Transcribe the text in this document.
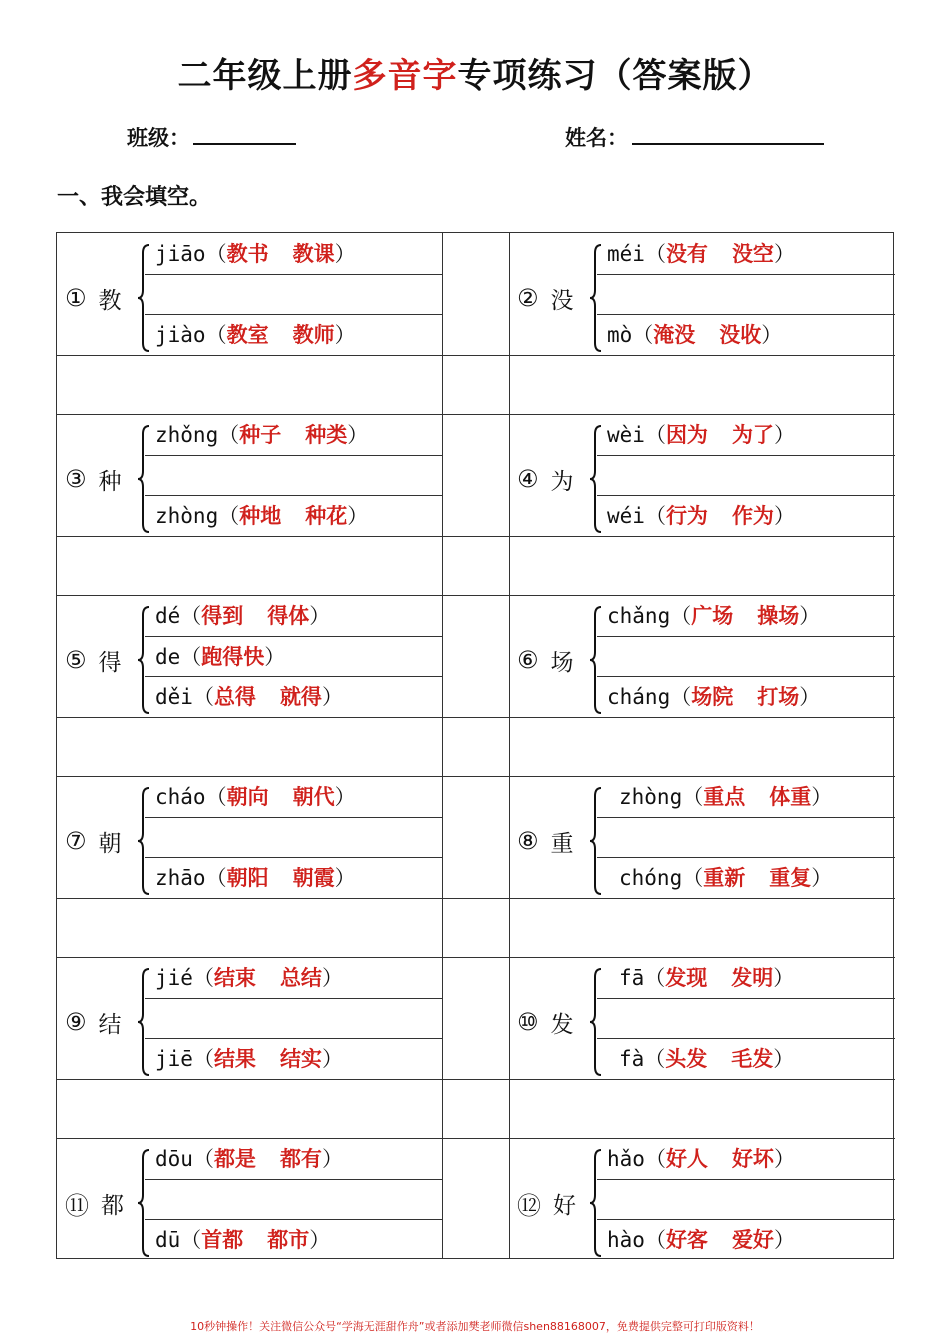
二年级上册多音字专项练习（答案版）
班级：	姓名：
一、我会填空。
① 教
jiāo（教书 教课）
jiào（教室 教师）
② 没
méi（没有 没空）
mò（淹没 没收）
③ 种
zhǒng（种子 种类）
zhòng（种地 种花）
④ 为
wèi（因为 为了）
wéi（行为 作为）
⑤ 得
dé（得到 得体）
de（跑得快）
děi（总得 就得）
⑥ 场
chǎng（广场 操场）
cháng（场院 打场）
⑦ 朝
cháo（朝向 朝代）
zhāo（朝阳 朝霞）
⑧ 重
zhòng（重点 体重）
chóng（重新 重复）
⑨ 结
jié（结束 总结）
jiē（结果 结实）
⑩ 发
fā（发现 发明）
fà（头发 毛发）
⑪ 都
dōu（都是 都有）
dū（首都 都市）
⑫ 好
hǎo（好人 好坏）
hào（好客 爱好）
10秒钟操作！关注微信公众号“学海无涯甜作舟”或者添加樊老师微信shen88168007，免费提供完整可打印版资料！
